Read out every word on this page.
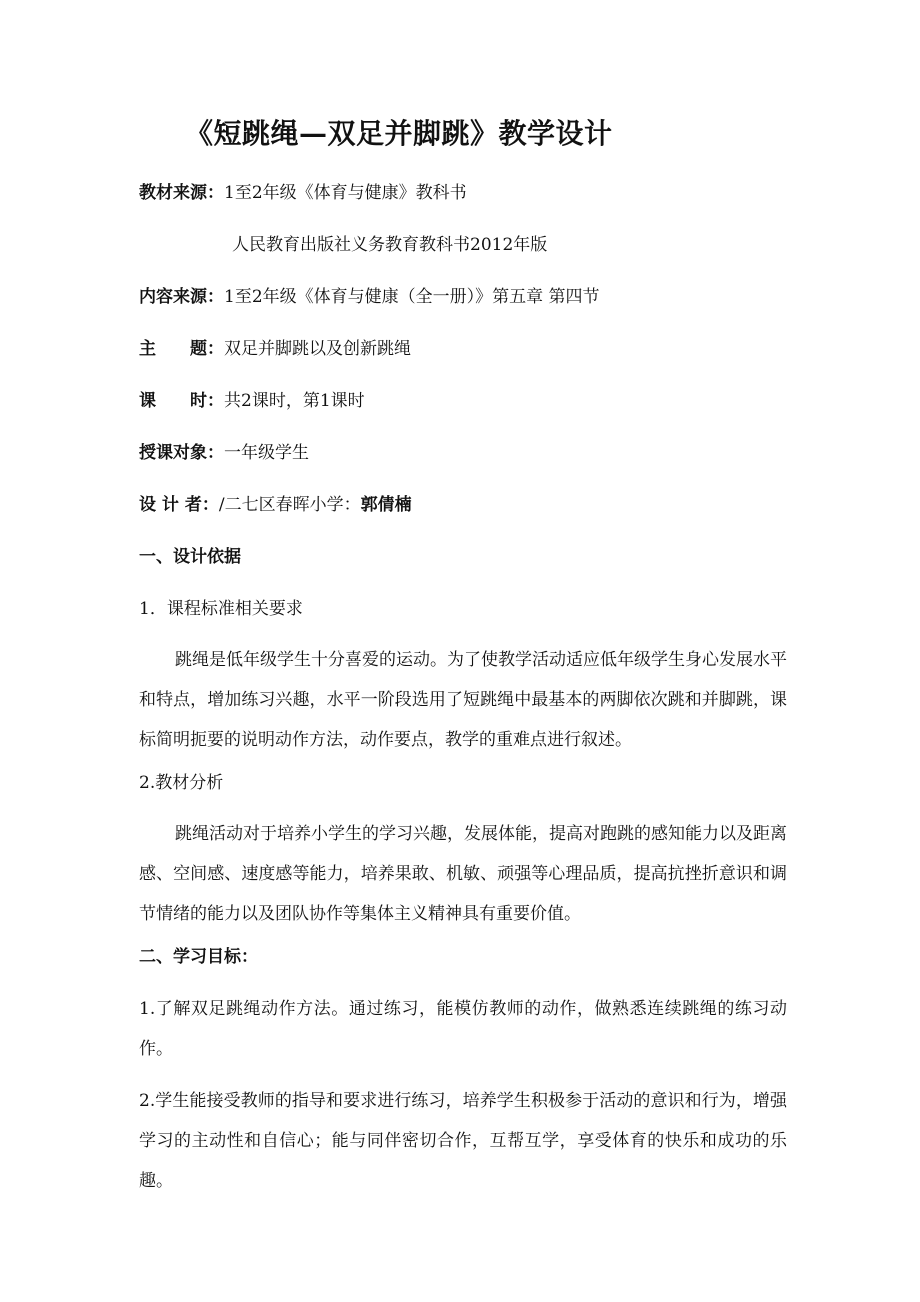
《短跳绳—双足并脚跳》教学设计
教材来源：1至2年级《体育与健康》教科书
人民教育出版社义务教育教科书2012年版
内容来源：1至2年级《体育与健康（全一册）》第五章 第四节
主　　题：双足并脚跳以及创新跳绳
课　　时：共2课时，第1课时
授课对象：一年级学生
设 计 者：/二七区春晖小学：郭倩楠
一、设计依据
1．课程标准相关要求
跳绳是低年级学生十分喜爱的运动。为了使教学活动适应低年级学生身心发展水平和特点，增加练习兴趣，水平一阶段选用了短跳绳中最基本的两脚依次跳和并脚跳，课标简明扼要的说明动作方法，动作要点，教学的重难点进行叙述。
2.教材分析
跳绳活动对于培养小学生的学习兴趣，发展体能，提高对跑跳的感知能力以及距离感、空间感、速度感等能力，培养果敢、机敏、顽强等心理品质，提高抗挫折意识和调节情绪的能力以及团队协作等集体主义精神具有重要价值。
二、学习目标：
1.了解双足跳绳动作方法。通过练习，能模仿教师的动作，做熟悉连续跳绳的练习动作。
2.学生能接受教师的指导和要求进行练习，培养学生积极参于活动的意识和行为，增强学习的主动性和自信心；能与同伴密切合作，互帮互学，享受体育的快乐和成功的乐趣。
